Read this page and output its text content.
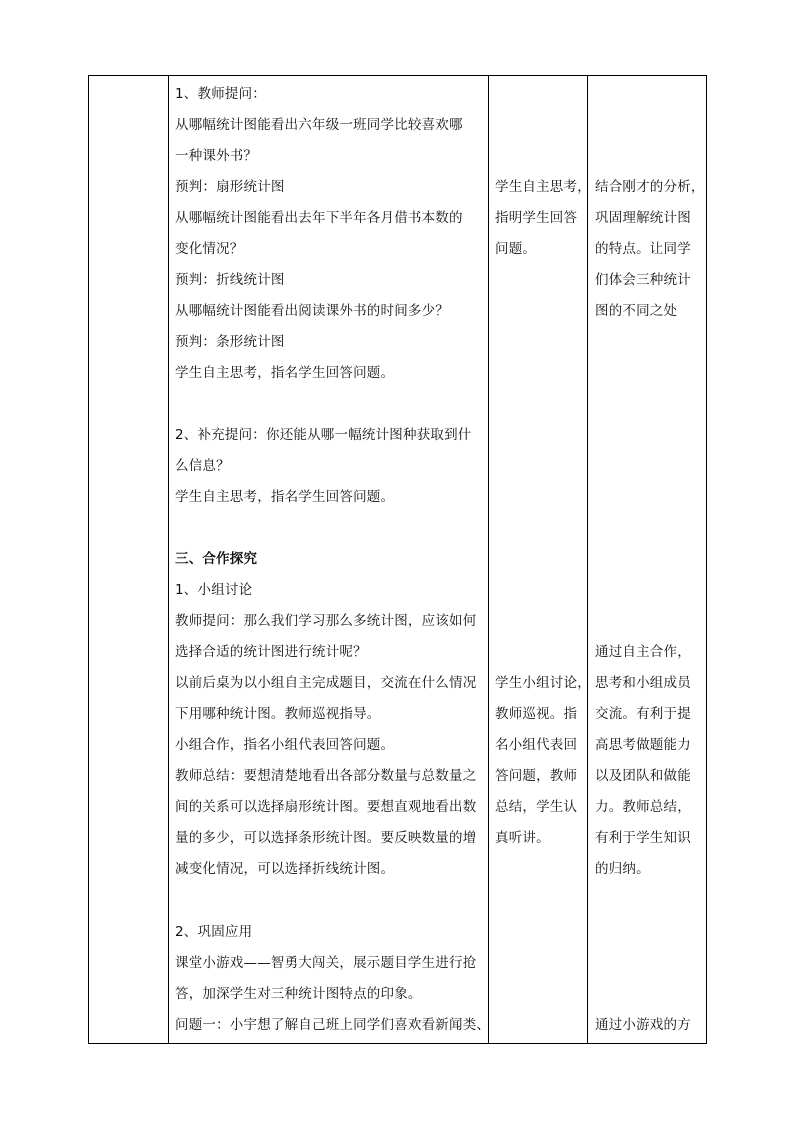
1、教师提问：
从哪幅统计图能看出六年级一班同学比较喜欢哪
一种课外书？
预判：扇形统计图
从哪幅统计图能看出去年下半年各月借书本数的
变化情况？
预判：折线统计图
从哪幅统计图能看出阅读课外书的时间多少？
预判：条形统计图
学生自主思考，指名学生回答问题。
2、补充提问：你还能从哪一幅统计图种获取到什
么信息？
学生自主思考，指名学生回答问题。
三、合作探究
1、小组讨论
教师提问：那么我们学习那么多统计图，应该如何
选择合适的统计图进行统计呢？
以前后桌为以小组自主完成题目，交流在什么情况
下用哪种统计图。教师巡视指导。
小组合作，指名小组代表回答问题。
教师总结：要想清楚地看出各部分数量与总数量之
间的关系可以选择扇形统计图。要想直观地看出数
量的多少，可以选择条形统计图。要反映数量的增
减变化情况，可以选择折线统计图。
2、巩固应用
课堂小游戏——智勇大闯关，展示题目学生进行抢
答，加深学生对三种统计图特点的印象。
问题一：小宇想了解自己班上同学们喜欢看新闻类、
学生自主思考，
指明学生回答
问题。
学生小组讨论，
教师巡视。指
名小组代表回
答问题，教师
总结，学生认
真听讲。
结合刚才的分析，
巩固理解统计图
的特点。让同学
们体会三种统计
图的不同之处
通过自主合作，
思考和小组成员
交流。有利于提
高思考做题能力
以及团队和做能
力。教师总结，
有利于学生知识
的归纳。
通过小游戏的方
